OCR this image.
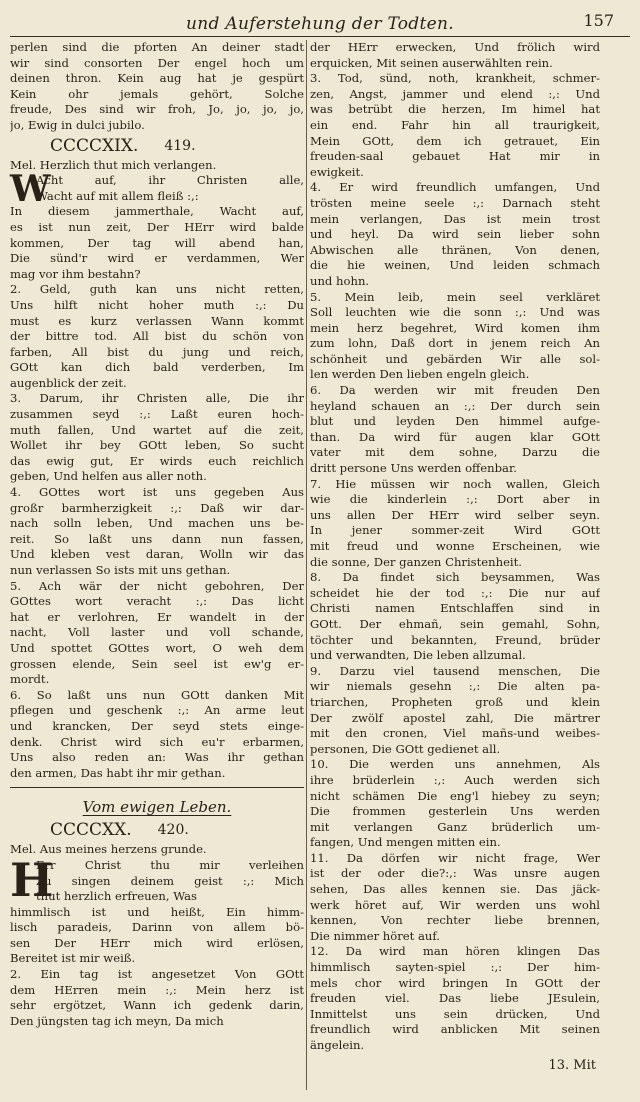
und Auferstehung der Todten.	157
perlen sind die pforten An deiner stadt
wir sind consorten Der engel hoch um
deinen thron. Kein aug hat je gespürt
Kein ohr jemals gehört, Solche
freude, Des sind wir froh, Jo, jo, jo, jo,
jo, Ewig in dulci jubilo.
CCCCXIX. 419.
Mel. Herzlich thut mich verlangen.
W
Acht auf, ihr Christen alle,
Wacht auf mit allem fleiß :,:
In diesem jammerthale, Wacht auf,
es ist nun zeit, Der HErr wird balde
kommen, Der tag will abend han,
Die sünd'r wird er verdammen, Wer
mag vor ihm bestahn?
2. Geld, guth kan uns nicht retten,
Uns hilft nicht hoher muth :,: Du
must es kurz verlassen Wann kommt
der bittre tod. All bist du schön von
farben, All bist du jung und reich,
GOtt kan dich bald verderben, Im
augenblick der zeit.
3. Darum, ihr Christen alle, Die ihr
zusammen seyd :,: Laßt euren hoch-
muth fallen, Und wartet auf die zeit,
Wollet ihr bey GOtt leben, So sucht
das ewig gut, Er wirds euch reichlich
geben, Und helfen aus aller noth.
4. GOttes wort ist uns gegeben Aus
großr barmherzigkeit :,: Daß wir dar-
nach solln leben, Und machen uns be-
reit. So laßt uns dann nun fassen,
Und kleben vest daran, Wolln wir das
nun verlassen So ists mit uns gethan.
5. Ach wär der nicht gebohren, Der
GOttes wort veracht :,: Das licht
hat er verlohren, Er wandelt in der
nacht, Voll laster und voll schande,
Und spottet GOttes wort, O weh dem
grossen elende, Sein seel ist ew'g er-
mordt.
6. So laßt uns nun GOtt danken Mit
pflegen und geschenk :,: An arme leut
und krancken, Der seyd stets einge-
denk. Christ wird sich eu'r erbarmen,
Uns also reden an: Was ihr gethan
den armen, Das habt ihr mir gethan.
Vom ewigen Leben.
CCCCXX. 420.
Mel. Aus meines herzens grunde.
H
Err Christ thu mir verleihen
Zu singen deinem geist :,: Mich
thut herzlich erfreuen, Was
himmlisch ist und heißt, Ein himm-
lisch paradeis, Darinn von allem bö-
sen Der HErr mich wird erlösen,
Bereitet ist mir weiß.
2. Ein tag ist angesetzet Von GOtt
dem HErren mein :,: Mein herz ist
sehr ergötzet, Wann ich gedenk darin,
Den jüngsten tag ich meyn, Da mich
der HErr erwecken, Und frölich wird
erquicken, Mit seinen auserwählten rein.
3. Tod, sünd, noth, krankheit, schmer-
zen, Angst, jammer und elend :,: Und
was betrübt die herzen, Im himel hat
ein end. Fahr hin all traurigkeit,
Mein GOtt, dem ich getrauet, Ein
freuden-saal gebauet Hat mir in
ewigkeit.
4. Er wird freundlich umfangen, Und
trösten meine seele :,: Darnach steht
mein verlangen, Das ist mein trost
und heyl. Da wird sein lieber sohn
Abwischen alle thränen, Von denen,
die hie weinen, Und leiden schmach
und hohn.
5. Mein leib, mein seel verkläret
Soll leuchten wie die sonn :,: Und was
mein herz begehret, Wird komen ihm
zum lohn, Daß dort in jenem reich An
schönheit und gebärden Wir alle sol-
len werden Den lieben engeln gleich.
6. Da werden wir mit freuden Den
heyland schauen an :,: Der durch sein
blut und leyden Den himmel aufge-
than. Da wird für augen klar GOtt
vater mit dem sohne, Darzu die
dritt persone Uns werden offenbar.
7. Hie müssen wir noch wallen, Gleich
wie die kinderlein :,: Dort aber in
uns allen Der HErr wird selber seyn.
In jener sommer-zeit Wird GOtt
mit freud und wonne Erscheinen, wie
die sonne, Der ganzen Christenheit.
8. Da findet sich beysammen, Was
scheidet hie der tod :,: Die nur auf
Christi namen Entschlaffen sind in
GOtt. Der ehmañ, sein gemahl, Sohn,
töchter und bekannten, Freund, brüder
und verwandten, Die leben allzumal.
9. Darzu viel tausend menschen, Die
wir niemals gesehn :,: Die alten pa-
triarchen, Propheten groß und klein
Der zwölf apostel zahl, Die märtrer
mit den cronen, Viel mañs-und weibes-
personen, Die GOtt gedienet all.
10. Die werden uns annehmen, Als
ihre brüderlein :,: Auch werden sich
nicht schämen Die eng'l hiebey zu seyn;
Die frommen gesterlein Uns werden
mit verlangen Ganz brüderlich um-
fangen, Und mengen mitten ein.
11. Da dörfen wir nicht frage, Wer
ist der oder die?:,: Was unsre augen
sehen, Das alles kennen sie. Das jäck-
werk höret auf, Wir werden uns wohl
kennen, Von rechter liebe brennen,
Die nimmer höret auf.
12. Da wird man hören klingen Das
himmlisch sayten-spiel :,: Der him-
mels chor wird bringen In GOtt der
freuden viel. Das liebe JEsulein,
Inmittelst uns sein drücken, Und
freundlich wird anblicken Mit seinen
ängelein.
13. Mit
